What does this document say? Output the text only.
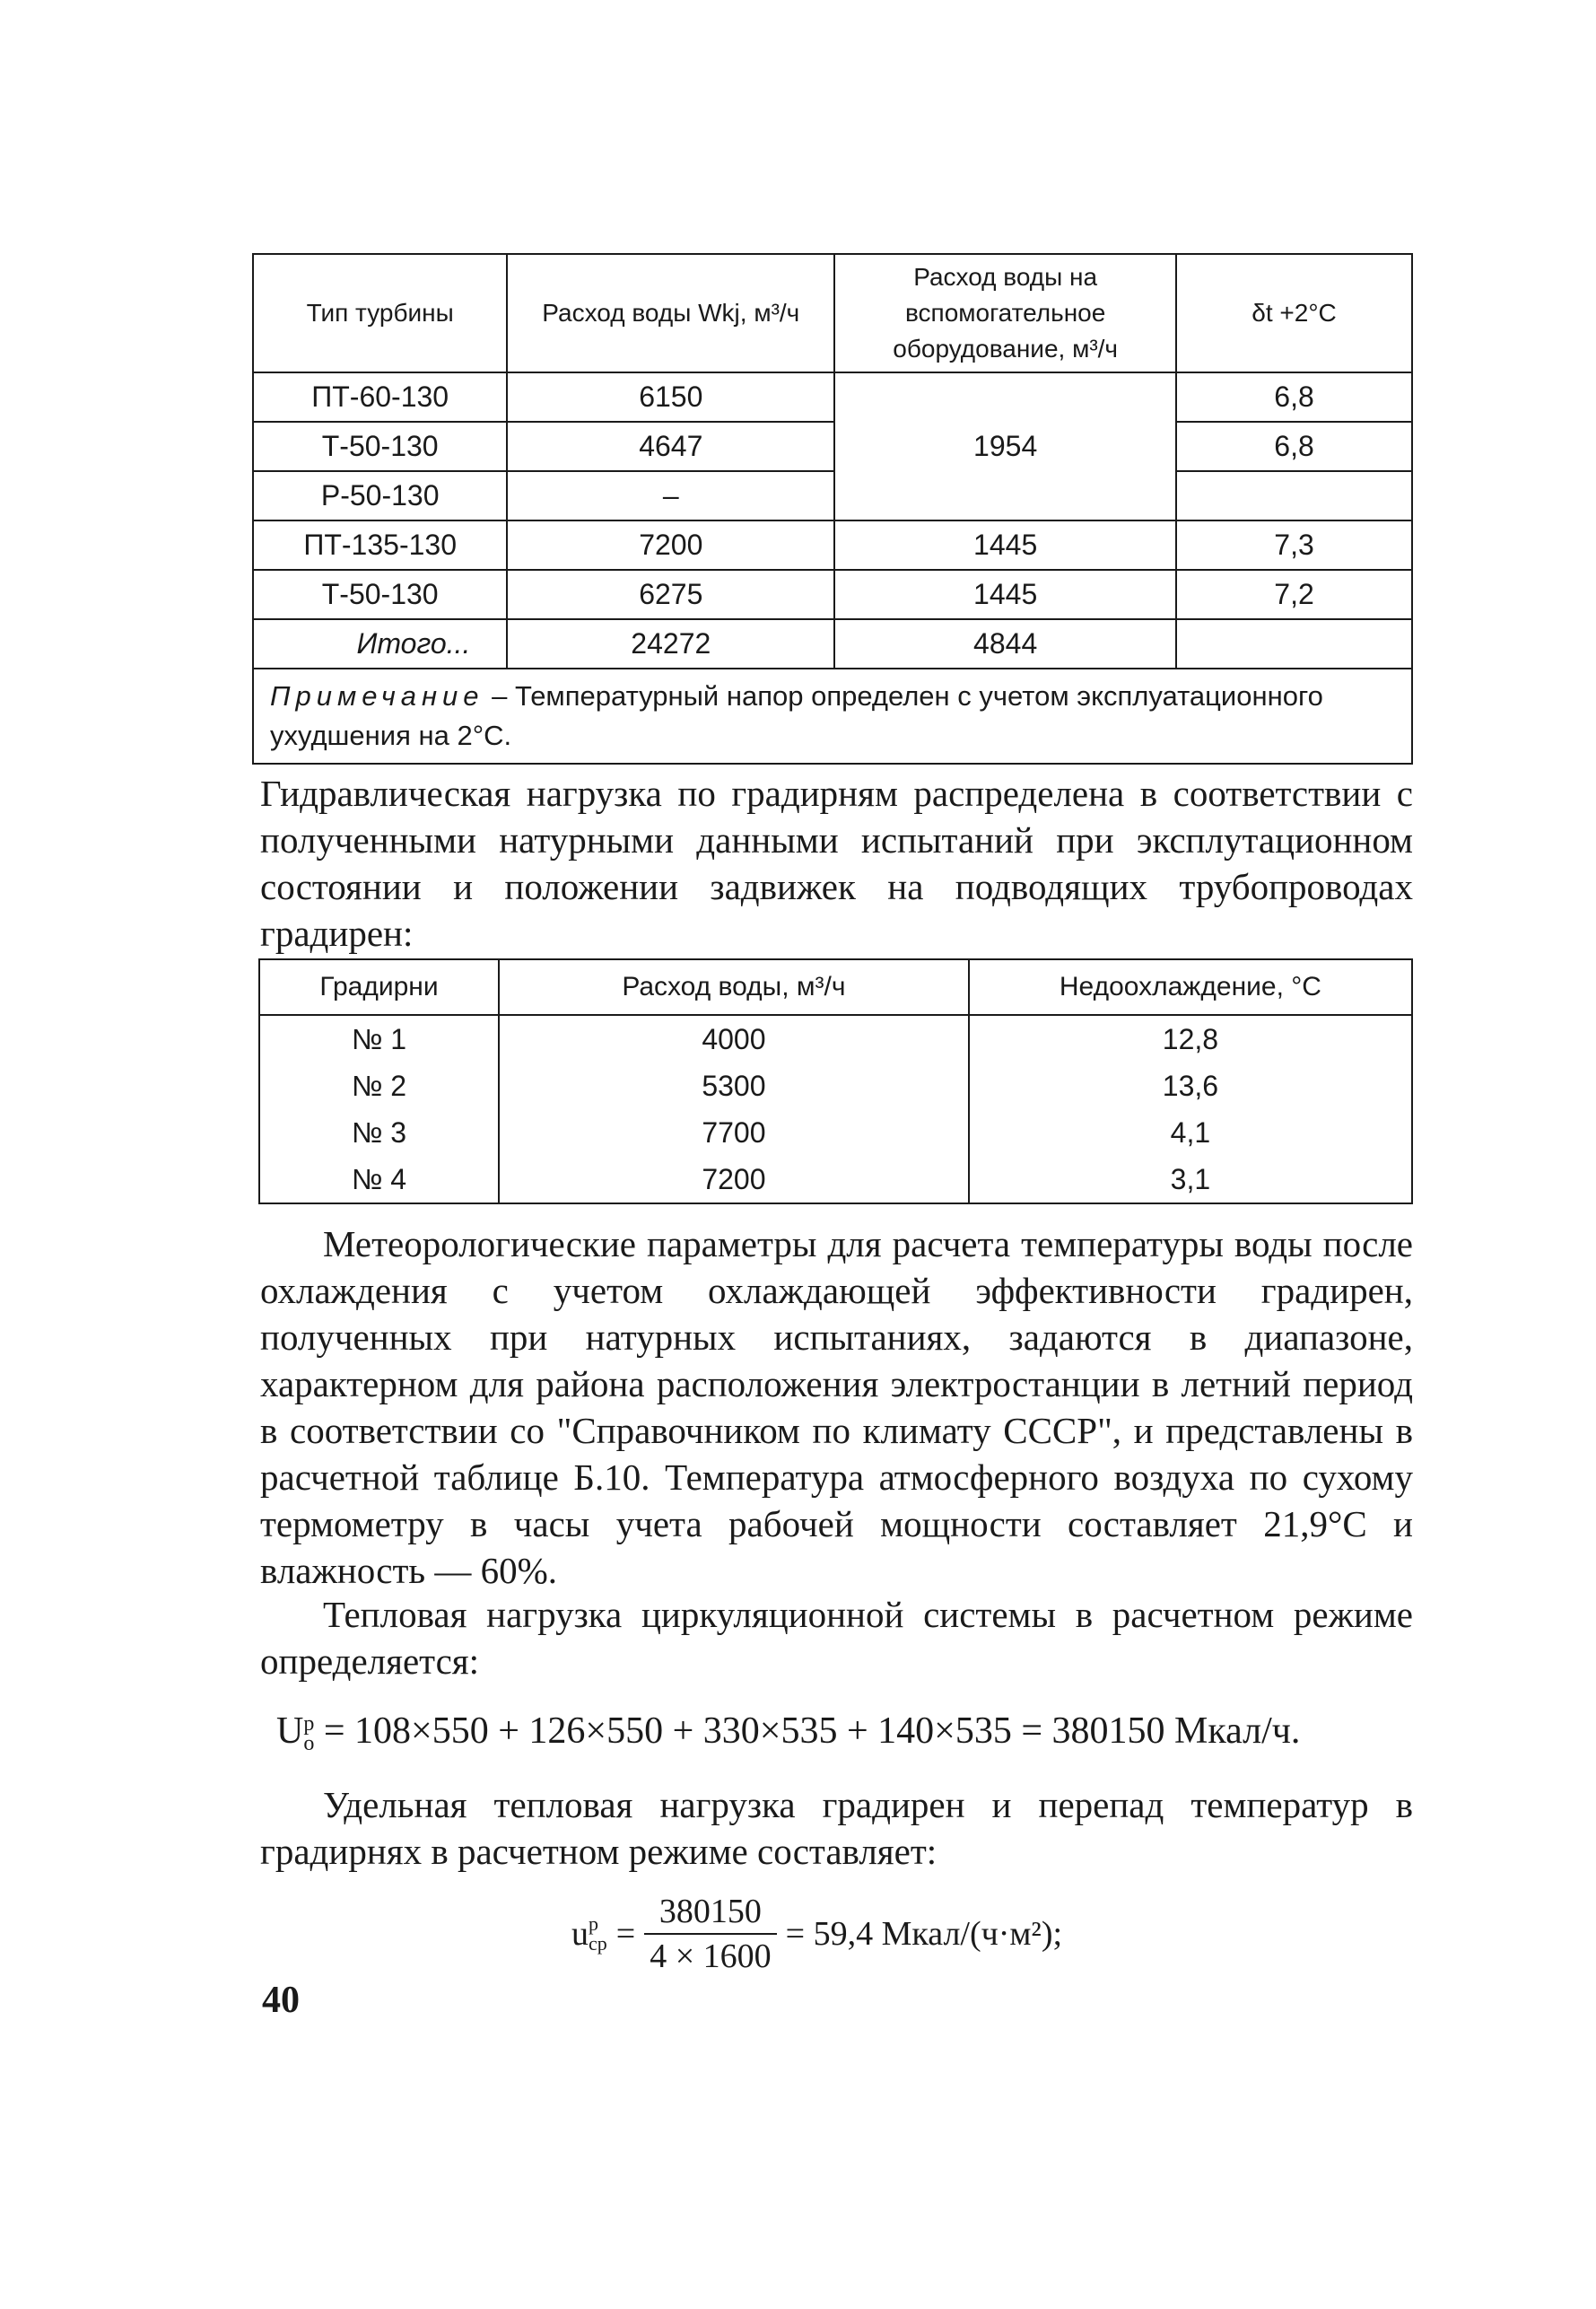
Тип турбины	Расход воды Wkj, м³/ч	Расход воды на вспомогательное оборудование, м³/ч	δt +2°С
ПТ-60-130	6150	1954	6,8
Т-50-130	4647		6,8
Р-50-130	–		
ПТ-135-130	7200	1445	7,3
Т-50-130	6275	1445	7,2
Итого...	24272	4844	
Примечание – Температурный напор определен с учетом эксплуатационного ухудшения на 2°С.			

Гидравлическая нагрузка по градирням распределена в соответствии с полученными натурными данными испытаний при эксплутационном состоянии и положении задвижек на подводящих трубопроводах градирен:

Градирни	Расход воды, м³/ч	Недоохлаждение, °С
№ 1	4000	12,8
№ 2	5300	13,6
№ 3	7700	4,1
№ 4	7200	3,1

Метеорологические параметры для расчета температуры воды после охлаждения с учетом охлаждающей эффективности градирен, полученных при натурных испытаниях, задаются в диапазоне, характерном для района расположения электростанции в летний период в соответствии со "Справочником по климату СССР", и представлены в расчетной таблице Б.10. Температура атмосферного воздуха по сухому термометру в часы учета рабочей мощности составляет 21,9°С и влажность — 60%.

Тепловая нагрузка циркуляционной системы в расчетном режиме определяется:

U р
о = 108×550 + 126×550 + 330×535 + 140×535 = 380150 Мкал/ч.

Удельная тепловая нагрузка градирен и перепад температур в градирнях в расчетном режиме составляет:

u р
ср =
380150
4 × 1600
= 59,4 Мкал/(ч·м²);
40
